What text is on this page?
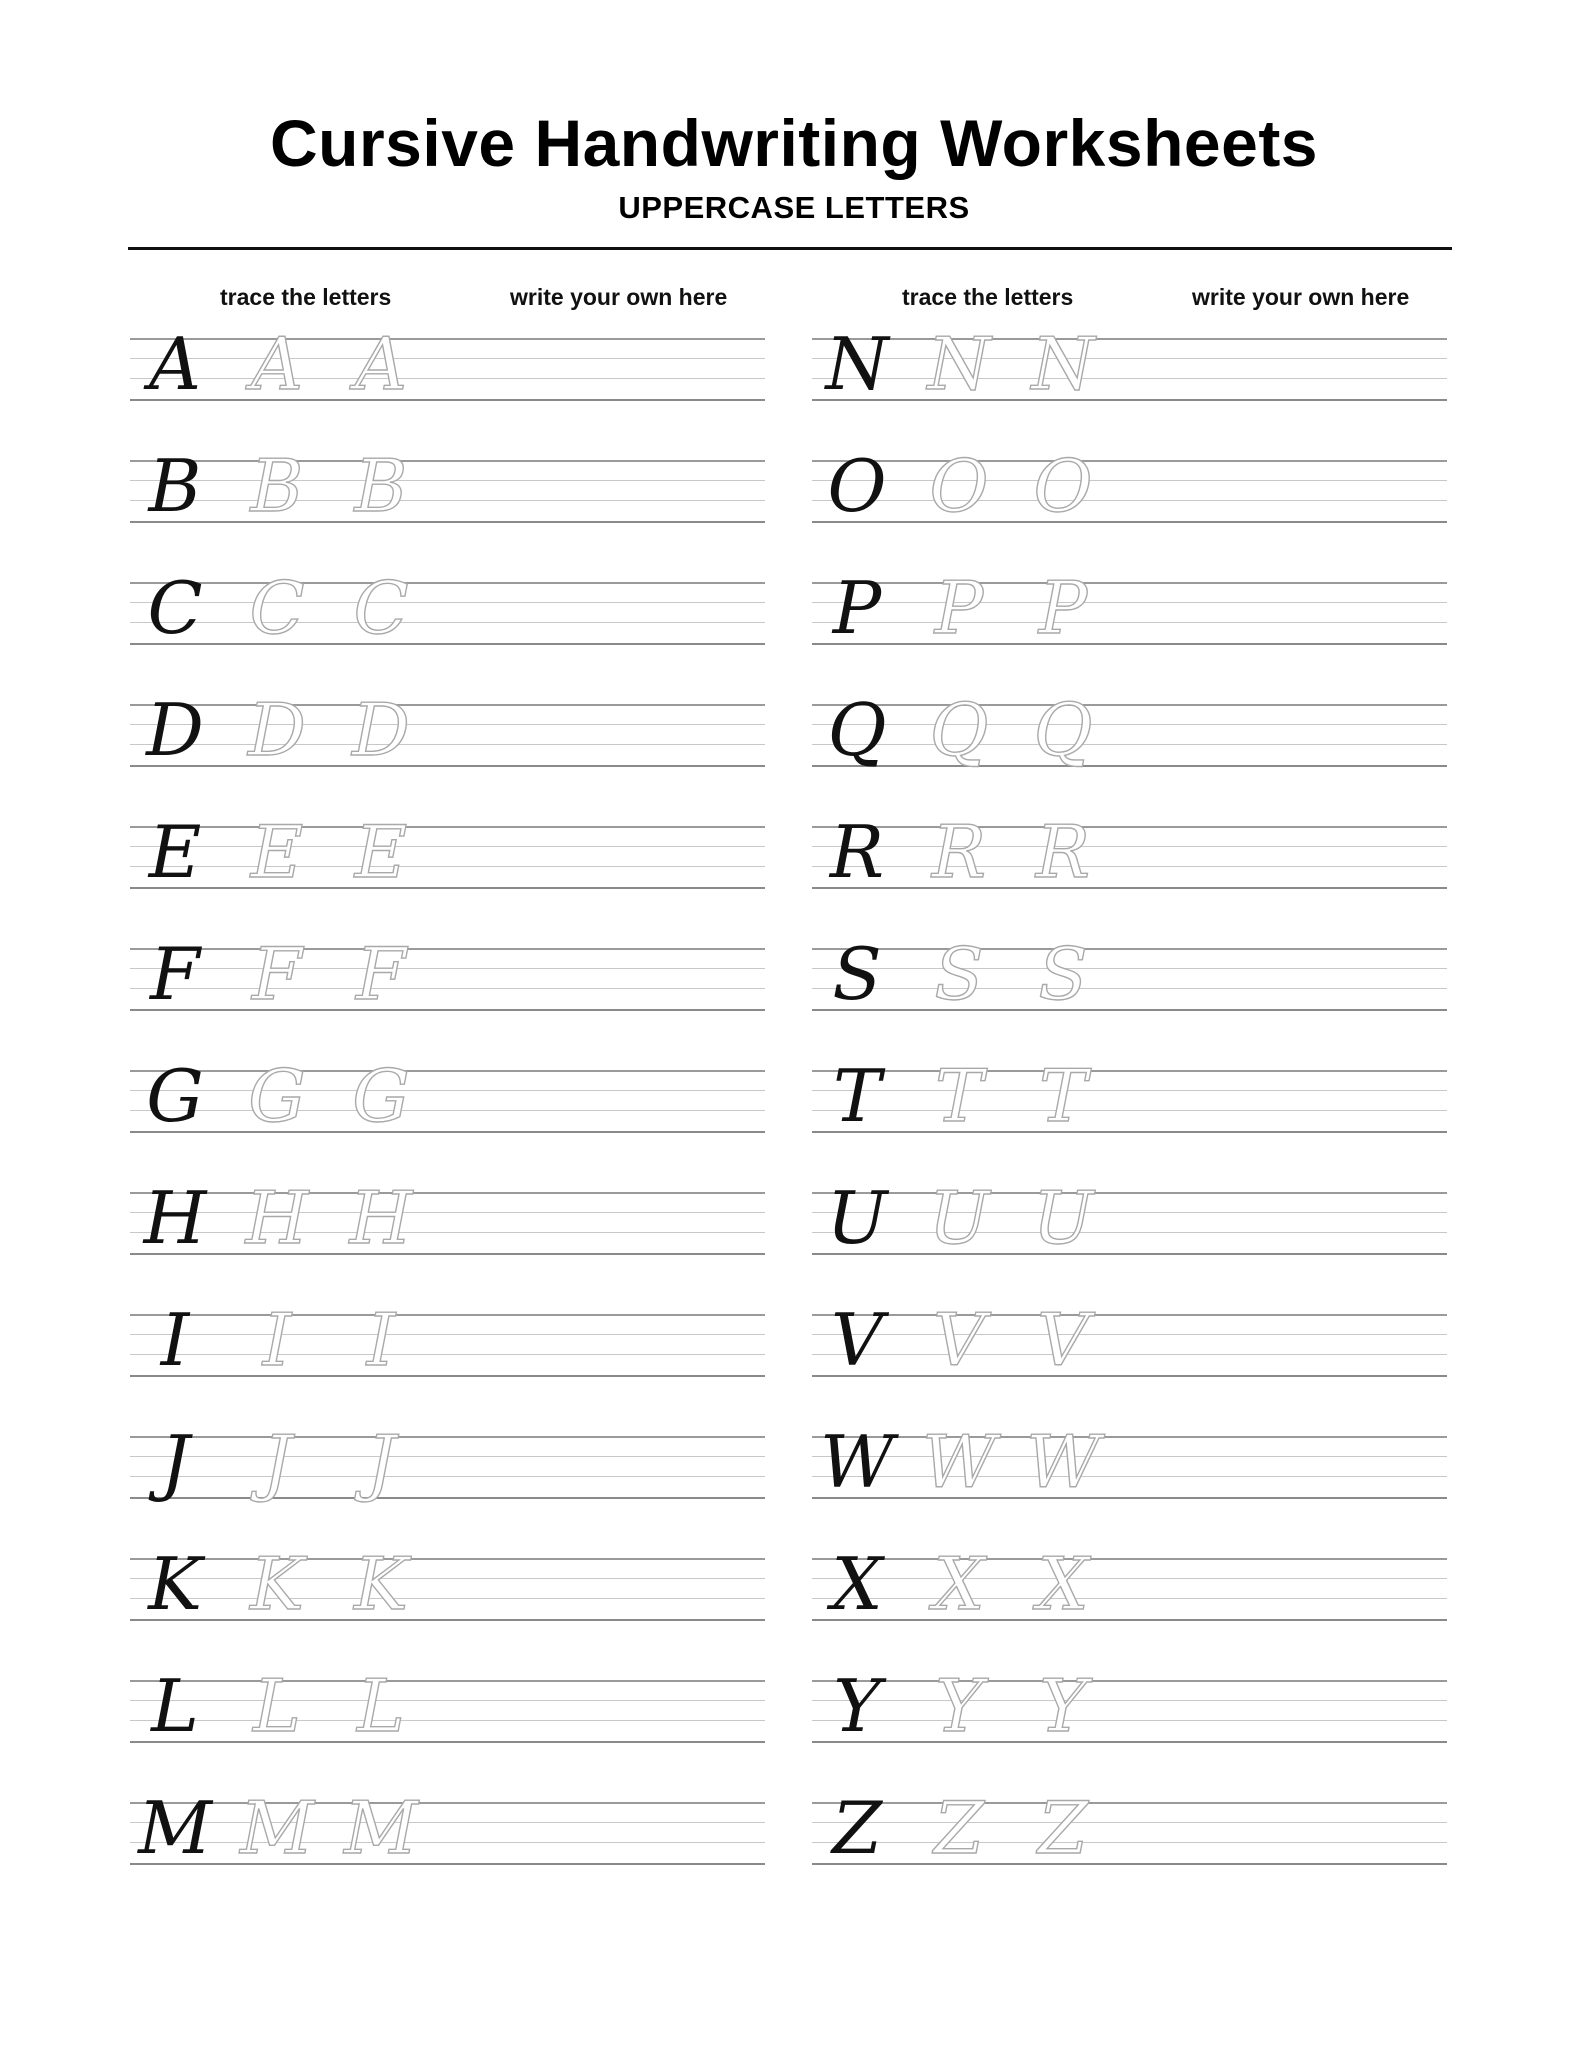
Cursive Handwriting Worksheets
UPPERCASE LETTERS
trace the letters	write your own here
A A A
B B B
C C C
D D D
E E E
F F F
G G G
H H H
I	I	I
J	J	J
K K K
L L L
M M M
trace the letters	write your own here
N N N
O O O
P P P
Q Q Q
R R R
S S S
T T T
U U U
V V V
W W W
X X X
Y Y Y
Z Z Z
